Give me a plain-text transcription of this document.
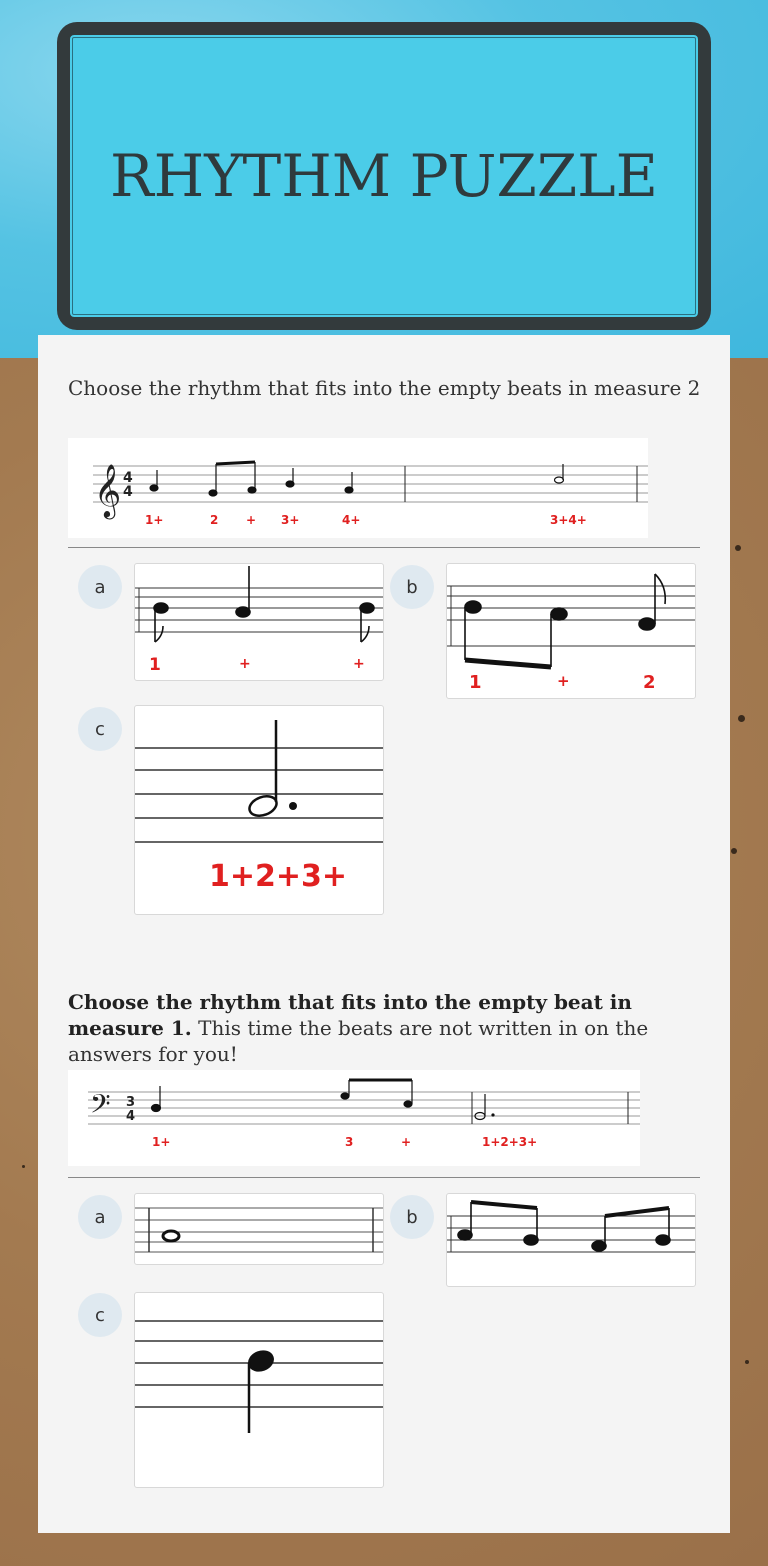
RHYTHM PUZZLE
Choose the rhythm that fits into the empty beats in measure 2
𝄞 4
4
1+	2 + 3+	4+	3+4+
a
1	+	+
b
1	+	2
c
1+2+3+
Choose the rhythm that fits into the empty beat in measure 1. This time the beats are not written in on the answers for you!
𝄢 3
4
1+	3	+	1+2+3+
a	b
c
